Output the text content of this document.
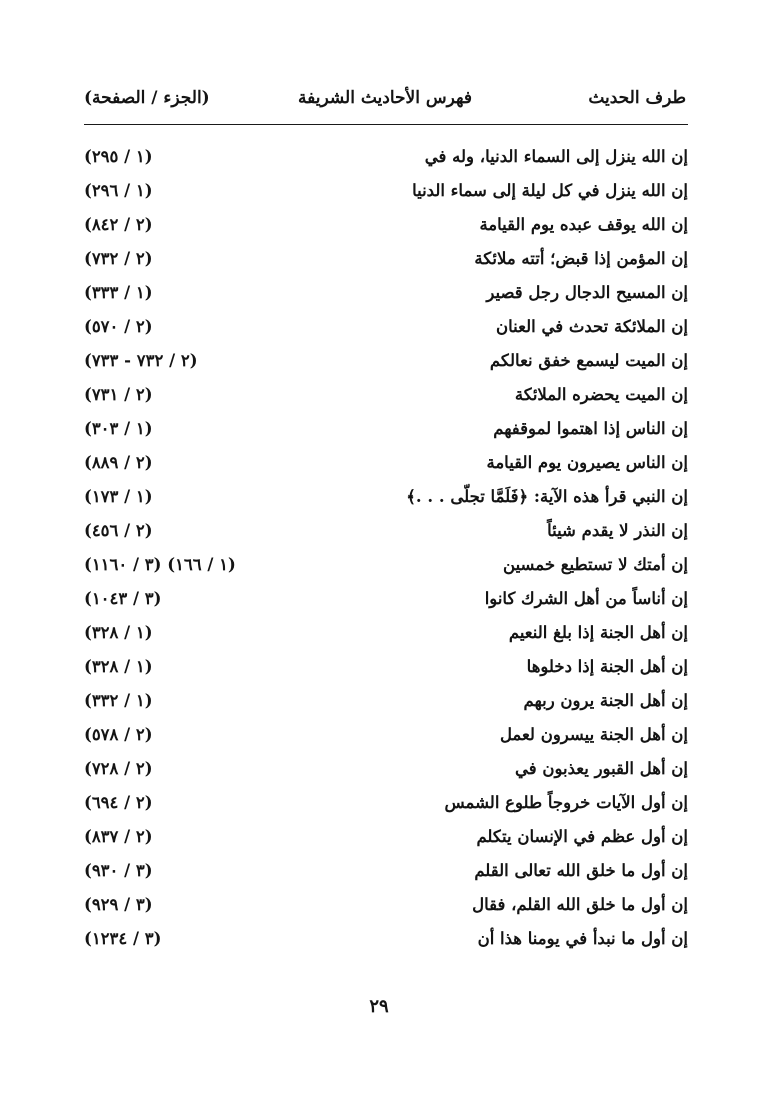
طرف الحديث
فهرس الأحاديث الشريفة
(الجزء / الصفحة)
إن الله ينزل إلى السماء الدنيا، وله في
(١ / ٢٩٥)
إن الله ينزل في كل ليلة إلى سماء الدنيا
(١ / ٢٩٦)
إن الله يوقف عبده يوم القيامة
(٢ / ٨٤٢)
إن المؤمن إذا قبض؛ أتته ملائكة
(٢ / ٧٣٢)
إن المسيح الدجال رجل قصير
(١ / ٣٣٣)
إن الملائكة تحدث في العنان
(٢ / ٥٧٠)
إن الميت ليسمع خفق نعالكم
(٢ / ٧٣٢ - ٧٣٣)
إن الميت يحضره الملائكة
(٢ / ٧٣١)
إن الناس إذا اهتموا لموقفهم
(١ / ٣٠٣)
إن الناس يصيرون يوم القيامة
(٢ / ٨٨٩)
إن النبي قرأ هذه الآية: ﴿فَلَمَّا تجلّى . . .﴾
(١ / ١٧٣)
إن النذر لا يقدم شيئاً
(٢ / ٤٥٦)
إن أمتك لا تستطيع خمسين
(١ / ١٦٦) (٣ / ١١٦٠)
إن أناساً من أهل الشرك كانوا
(٣ / ١٠٤٣)
إن أهل الجنة إذا بلغ النعيم
(١ / ٣٢٨)
إن أهل الجنة إذا دخلوها
(١ / ٣٢٨)
إن أهل الجنة يرون ربهم
(١ / ٣٣٢)
إن أهل الجنة ييسرون لعمل
(٢ / ٥٧٨)
إن أهل القبور يعذبون في
(٢ / ٧٢٨)
إن أول الآيات خروجاً طلوع الشمس
(٢ / ٦٩٤)
إن أول عظم في الإنسان يتكلم
(٢ / ٨٣٧)
إن أول ما خلق الله تعالى القلم
(٣ / ٩٣٠)
إن أول ما خلق الله القلم، فقال
(٣ / ٩٢٩)
إن أول ما نبدأ في يومنا هذا أن
(٣ / ١٢٣٤)
٢٩
